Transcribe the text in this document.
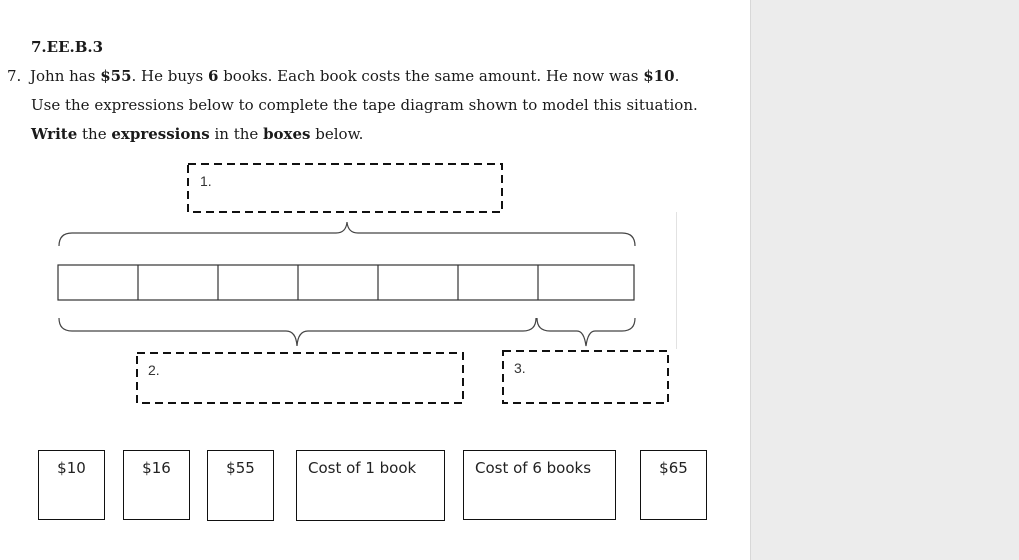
7.EE.B.3
7. John has $55. He buys 6 books. Each book costs the same amount. He now was $10.
Use the expressions below to complete the tape diagram shown to model this situation.
Write the expressions in the boxes below.
1.
2.	3.
$10	$16	$55	Cost of 1 book	Cost of 6 books	$65
